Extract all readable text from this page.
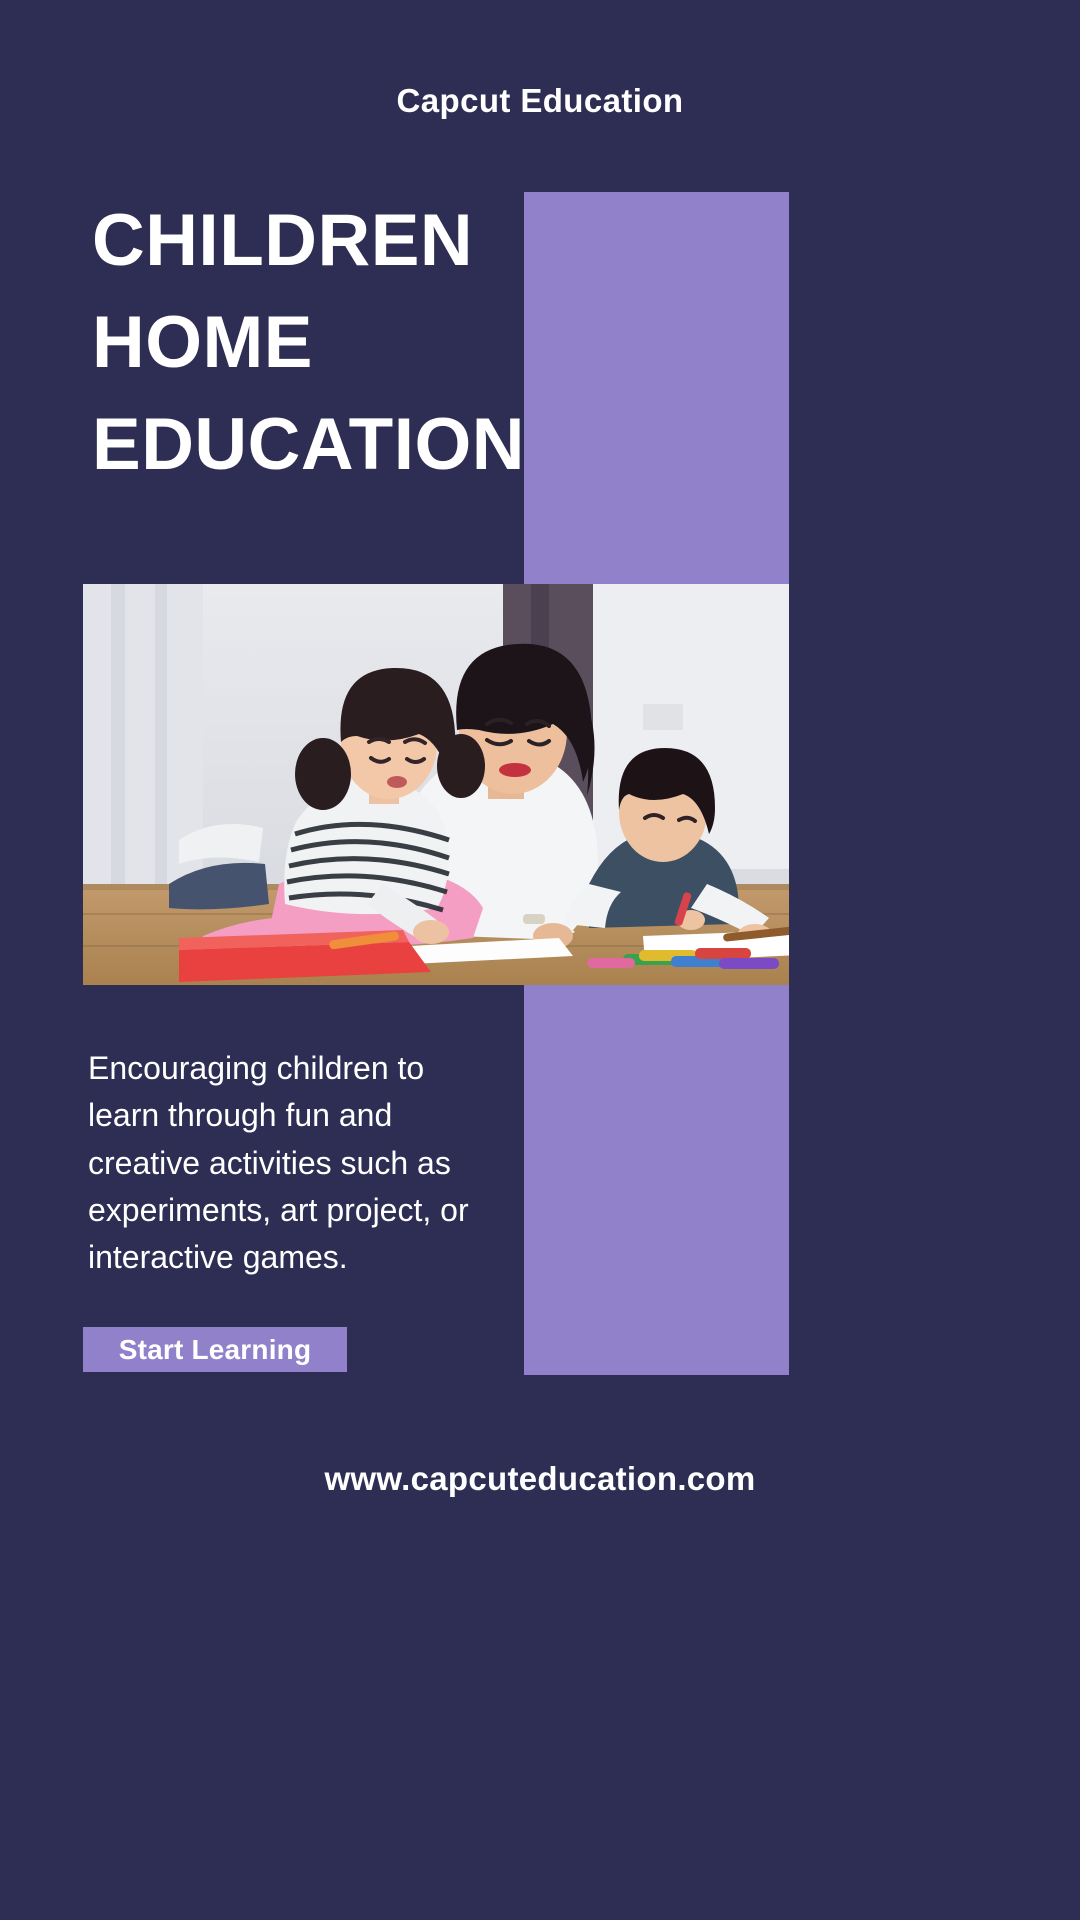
Capcut Education
CHILDREN
HOME
EDUCATION

Encouraging children to learn through fun and creative activities such as experiments, art project, or interactive games.

Start Learning
www.capcuteducation.com
